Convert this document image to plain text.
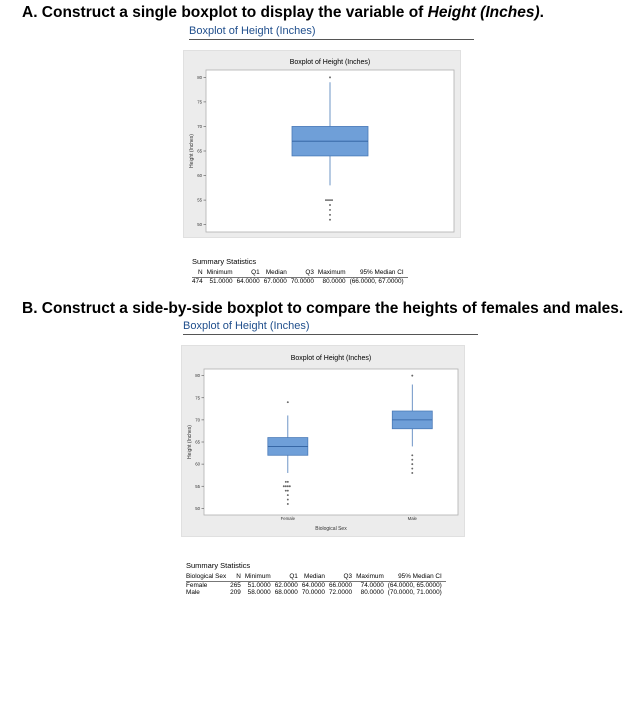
A. Construct a single boxplot to display the variable of Height (Inches).
Boxplot of Height (Inches)
Boxplot of Height (Inches)
50
55
60
65
70
75
80
Height (Inches)
Summary Statistics
N	Minimum	Q1	Median	Q3	Maximum	95% Median CI
474	51.0000	64.0000	67.0000	70.0000	80.0000	(66.0000, 67.0000)
B. Construct a side-by-side boxplot to compare the heights of females and males.
Boxplot of Height (Inches)
Boxplot of Height (Inches)
50
55
60
65
70
75
80
Height (Inches)
Biological Sex
Female	Male
Summary Statistics
Biological Sex	N	Minimum	Q1	Median	Q3	Maximum	95% Median CI
Female	265	51.0000	62.0000	64.0000	66.0000	74.0000	(64.0000, 65.0000)
Male	209	58.0000	68.0000	70.0000	72.0000	80.0000	(70.0000, 71.0000)
